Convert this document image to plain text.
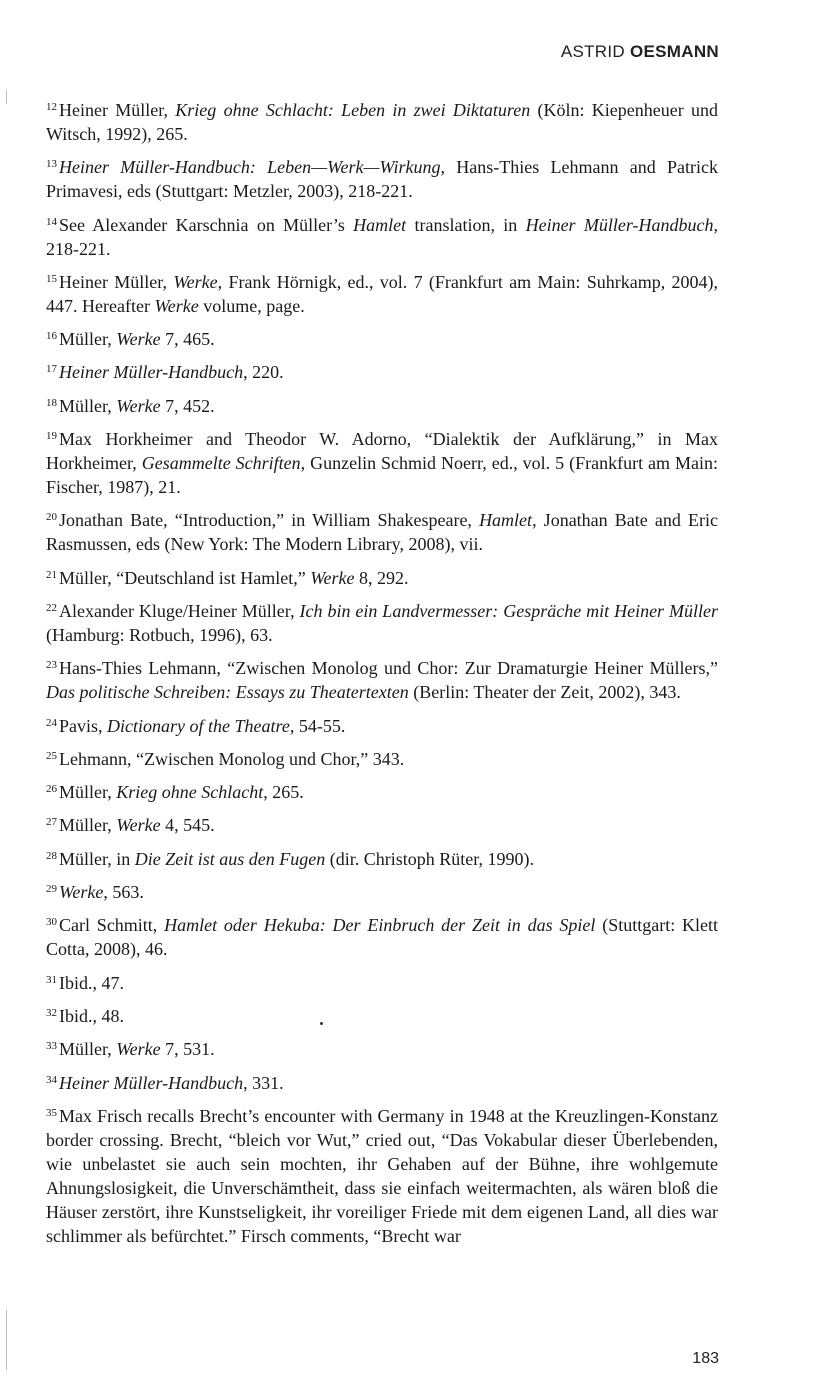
ASTRID OESMANN

$^{12}$ Heiner Müller, Krieg ohne Schlacht: Leben in zwei Diktaturen (Köln: Kiepenheuer und Witsch, 1992), 265.

$^{13}$ Heiner Müller-Handbuch: Leben—Werk—Wirkung, Hans-Thies Lehmann and Patrick Primavesi, eds (Stuttgart: Metzler, 2003), 218-221.

$^{14}$ See Alexander Karschnia on Müller’s Hamlet translation, in Heiner Müller-Handbuch, 218-221.

$^{15}$ Heiner Müller, Werke, Frank Hörnigk, ed., vol. 7 (Frankfurt am Main: Suhrkamp, 2004), 447. Hereafter Werke volume, page.

$^{16}$ Müller, Werke 7, 465.

$^{17}$ Heiner Müller-Handbuch, 220.

$^{18}$ Müller, Werke 7, 452.

$^{19}$ Max Horkheimer and Theodor W. Adorno, “Dialektik der Aufklärung,” in Max Horkheimer, Gesammelte Schriften, Gunzelin Schmid Noerr, ed., vol. 5 (Frankfurt am Main: Fischer, 1987), 21.

$^{20}$ Jonathan Bate, “Introduction,” in William Shakespeare, Hamlet, Jonathan Bate and Eric Rasmussen, eds (New York: The Modern Library, 2008), vii.

$^{21}$ Müller, “Deutschland ist Hamlet,” Werke 8, 292.

$^{22}$ Alexander Kluge/Heiner Müller, Ich bin ein Landvermesser: Gespräche mit Heiner Müller (Hamburg: Rotbuch, 1996), 63.

$^{23}$ Hans-Thies Lehmann, “Zwischen Monolog und Chor: Zur Dramaturgie Heiner Müllers,” Das politische Schreiben: Essays zu Theatertexten (Berlin: Theater der Zeit, 2002), 343.

$^{24}$ Pavis, Dictionary of the Theatre, 54-55.

$^{25}$ Lehmann, “Zwischen Monolog und Chor,” 343.

$^{26}$ Müller, Krieg ohne Schlacht, 265.

$^{27}$ Müller, Werke 4, 545.

$^{28}$ Müller, in Die Zeit ist aus den Fugen (dir. Christoph Rüter, 1990).

$^{29}$ Werke, 563.

$^{30}$ Carl Schmitt, Hamlet oder Hekuba: Der Einbruch der Zeit in das Spiel (Stuttgart: Klett Cotta, 2008), 46.

$^{31}$ Ibid., 47.

$^{32}$ Ibid., 48.

$^{33}$ Müller, Werke 7, 531.

$^{34}$ Heiner Müller-Handbuch, 331.

$^{35}$ Max Frisch recalls Brecht’s encounter with Germany in 1948 at the Kreuzlingen-Konstanz border crossing. Brecht, “bleich vor Wut,” cried out, “Das Vokabular dieser Überlebenden, wie unbelastet sie auch sein mochten, ihr Gehaben auf der Bühne, ihre wohlgemute Ahnungslosigkeit, die Unverschämtheit, dass sie einfach weitermachten, als wären bloß die Häuser zerstört, ihre Kunstseligkeit, ihr voreiliger Friede mit dem eigenen Land, all dies war schlimmer als befürchtet.” Firsch comments, “Brecht war

183
